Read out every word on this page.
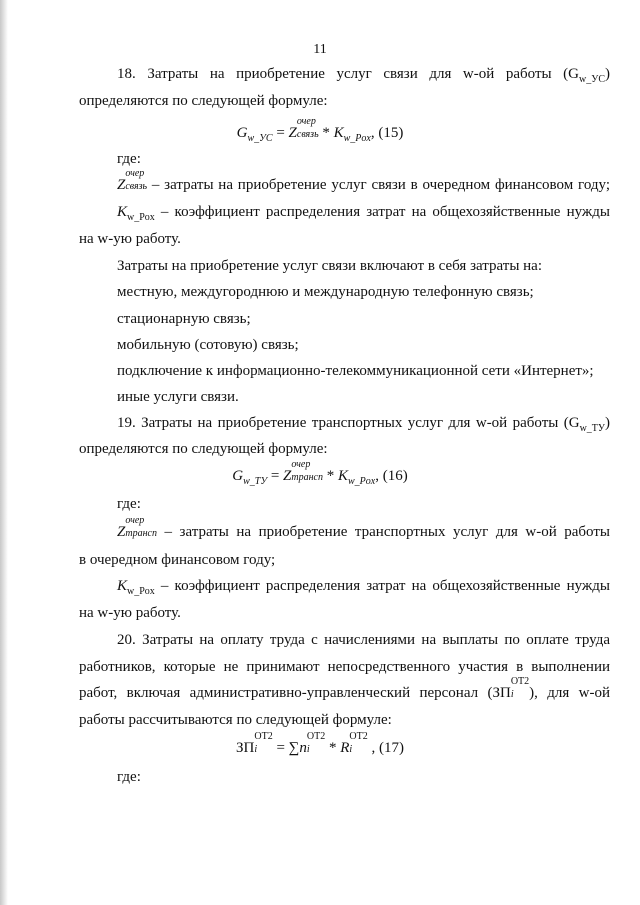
11
18. Затраты на приобретение услуг связи для w-ой работы $(G_{w\_УС})$
определяются по следующей формуле:
$G_{w\_УС} = Z$
очер
связь * $K_{w\_Pox}$, (15)
где:
Z
очер
связь – затраты на приобретение услуг связи в очередном финансовом году;
$K_{w\_Pox}$ – коэффициент распределения затрат на общехозяйственные нужды
на w-ую работу.
Затраты на приобретение услуг связи включают в себя затраты на:
местную, междугороднюю и международную телефонную связь;
стационарную связь;
мобильную (сотовую) связь;
подключение к информационно-телекоммуникационной сети «Интернет»;
иные услуги связи.
19. Затраты на приобретение транспортных услуг для w-ой работы $(G_{w\_ТУ})$
определяются по следующей формуле:
$G_{w\_ТУ} = Z$
очер
трансп * $K_{w\_Pox}$, (16)
где:
Z
очер
трансп – затраты на приобретение транспортных услуг для w-ой работы
в очередном финансовом году;
$K_{w\_Pox}$ – коэффициент распределения затрат на общехозяйственные нужды
на w-ую работу.
20. Затраты на оплату труда с начислениями на выплаты по оплате труда
работников, которые не принимают непосредственного участия в выполнении
работ, включая административно-управленческий персонал (ЗП
ОТ2
i	), для w-ой
работы рассчитываются по следующей формуле:
ЗП
ОТ2
i	= ∑n
ОТ2
i	* R
ОТ2
i	, (17)
где:
